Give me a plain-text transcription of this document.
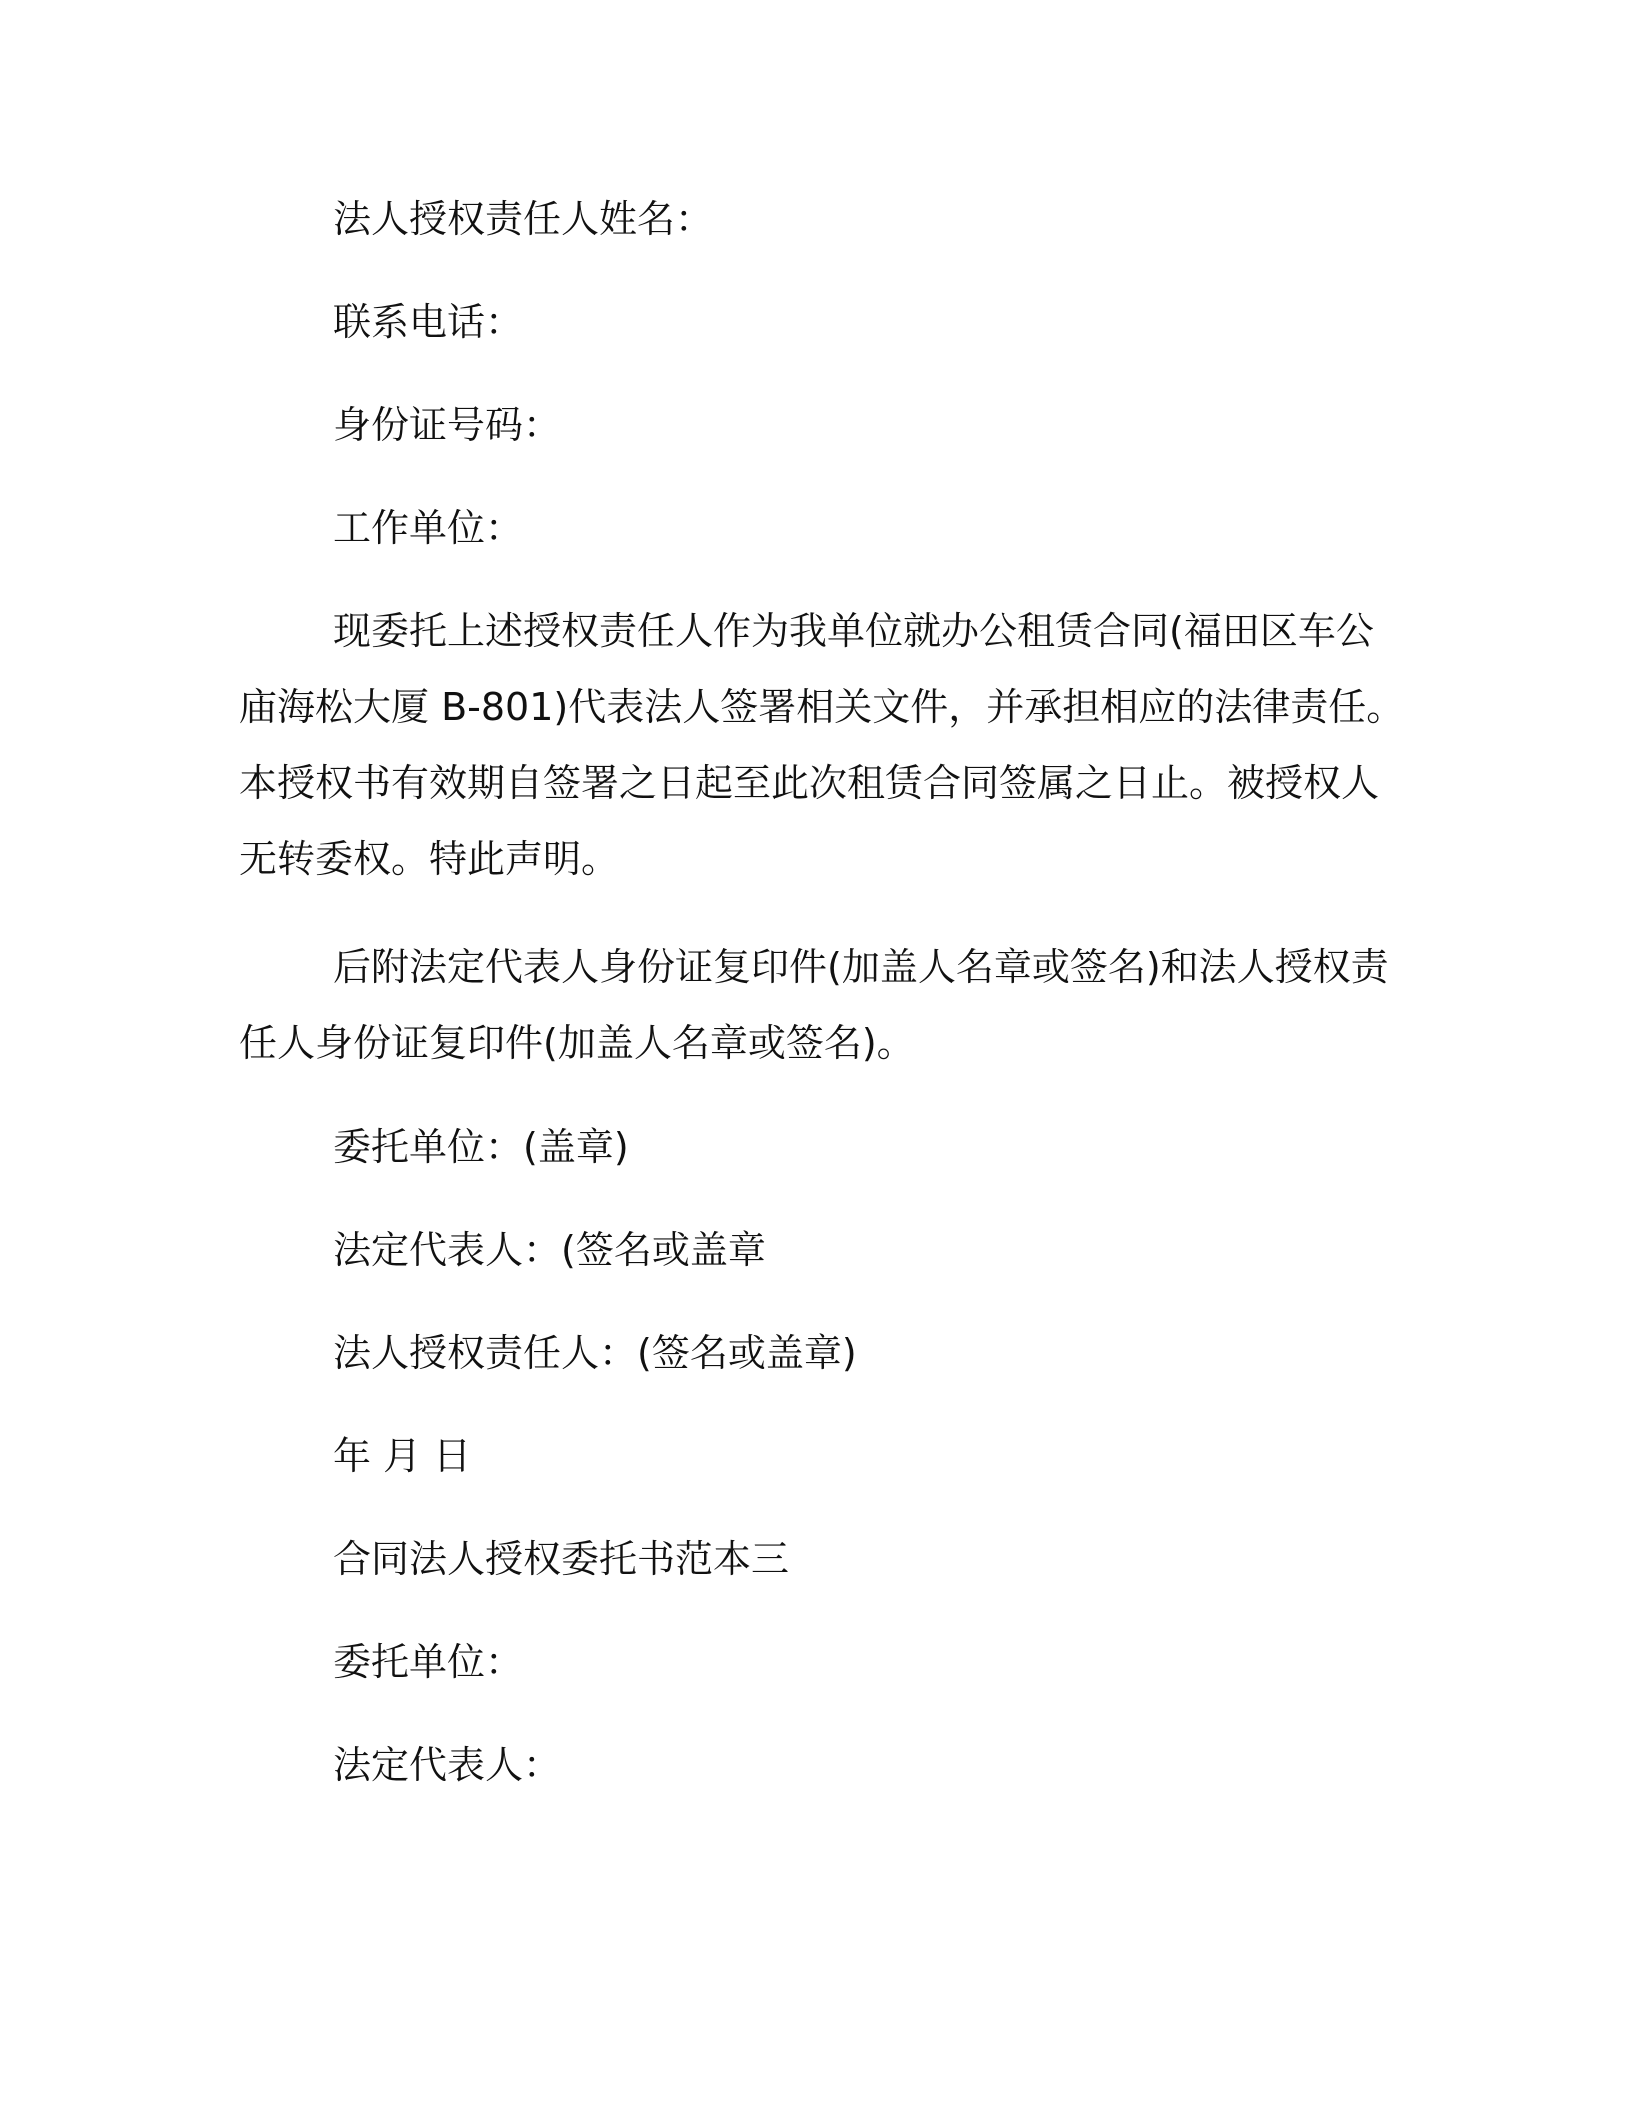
法人授权责任人姓名：
联系电话：
身份证号码：
工作单位：
现委托上述授权责任人作为我单位就办公租赁合同(福田区车公
庙海松大厦 B-801)代表法人签署相关文件，并承担相应的法律责任。
本授权书有效期自签署之日起至此次租赁合同签属之日止。被授权人
无转委权。特此声明。
后附法定代表人身份证复印件(加盖人名章或签名)和法人授权责
任人身份证复印件(加盖人名章或签名)。
委托单位：(盖章)
法定代表人：(签名或盖章
法人授权责任人：(签名或盖章)
年 月 日
合同法人授权委托书范本三
委托单位：
法定代表人：
